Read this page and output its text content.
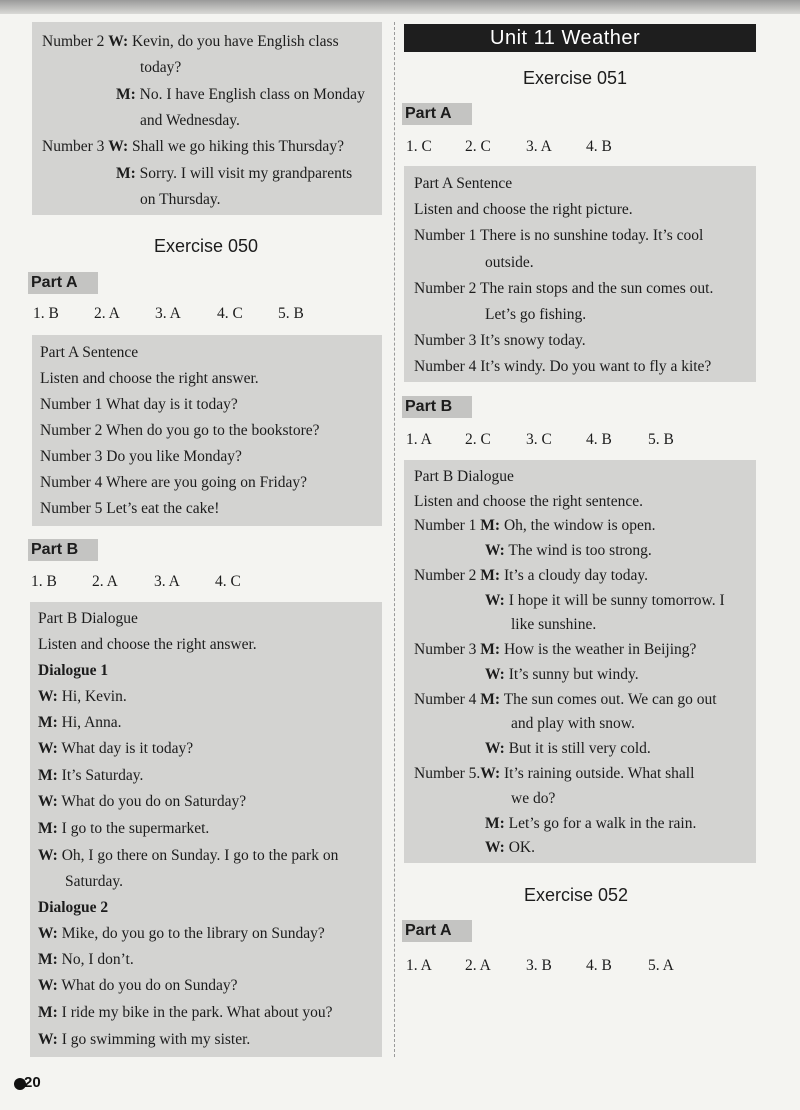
Number 2 W: Kevin, do you have English class
today?
M: No. I have English class on Monday
and Wednesday.
Number 3 W: Shall we go hiking this Thursday?
M: Sorry. I will visit my grandparents
on Thursday.
Exercise 050
Part A
1. B 2. A 3. A 4. C 5. B
Part A Sentence
Listen and choose the right answer.
Number 1 What day is it today?
Number 2 When do you go to the bookstore?
Number 3 Do you like Monday?
Number 4 Where are you going on Friday?
Number 5 Let’s eat the cake!
Part B
1. B 2. A 3. A 4. C
Part B Dialogue
Listen and choose the right answer.
Dialogue 1
W: Hi, Kevin.
M: Hi, Anna.
W: What day is it today?
M: It’s Saturday.
W: What do you do on Saturday?
M: I go to the supermarket.
W: Oh, I go there on Sunday. I go to the park on
Saturday.
Dialogue 2
W: Mike, do you go to the library on Sunday?
M: No, I don’t.
W: What do you do on Sunday?
M: I ride my bike in the park. What about you?
W: I go swimming with my sister.
Unit 11 Weather
Exercise 051
Part A
1. C 2. C 3. A 4. B
Part A Sentence
Listen and choose the right picture.
Number 1 There is no sunshine today. It’s cool
outside.
Number 2 The rain stops and the sun comes out.
Let’s go fishing.
Number 3 It’s snowy today.
Number 4 It’s windy. Do you want to fly a kite?
Part B
1. A 2. C 3. C 4. B 5. B
Part B Dialogue
Listen and choose the right sentence.
Number 1 M: Oh, the window is open.
W: The wind is too strong.
Number 2 M: It’s a cloudy day today.
W: I hope it will be sunny tomorrow. I
like sunshine.
Number 3 M: How is the weather in Beijing?
W: It’s sunny but windy.
Number 4 M: The sun comes out. We can go out
and play with snow.
W: But it is still very cold.
Number 5.W: It’s raining outside. What shall
we do?
M: Let’s go for a walk in the rain.
W: OK.
Exercise 052
Part A
1. A 2. A 3. B 4. B 5. A
20
